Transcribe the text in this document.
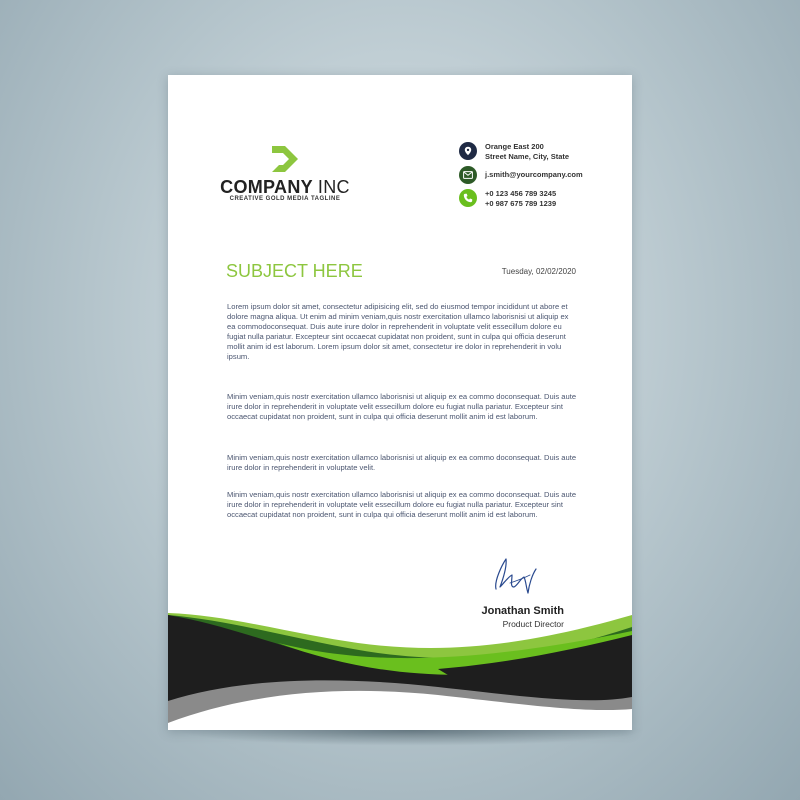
COMPANY INC
CREATIVE GOLD MEDIA TAGLINE
Orange East 200
Street Name, City, State
j.smith@yourcompany.com
+0 123 456 789 3245
+0 987 675 789 1239
SUBJECT HERE	Tuesday, 02/02/2020

Lorem ipsum dolor sit amet, consectetur adipisicing elit, sed do eiusmod tempor incididunt ut abore et dolore magna aliqua. Ut enim ad minim veniam,quis nostr exercitation ullamco laborisnisi ut aliquip ex ea commodoconsequat. Duis aute irure dolor in reprehenderit in voluptate velit essecillum dolore eu fugiat nulla pariatur. Excepteur sint occaecat cupidatat non proident, sunt in culpa qui officia deserunt mollit anim id est laborum. Lorem ipsum dolor sit amet, consectetur ire dolor in reprehenderit in volu ipsum.

Minim veniam,quis nostr exercitation ullamco laborisnisi ut aliquip ex ea commo doconsequat. Duis aute irure dolor in reprehenderit in voluptate velit essecillum dolore eu fugiat nulla pariatur. Excepteur sint occaecat cupidatat non proident, sunt in culpa qui officia deserunt mollit anim id est laborum.

Minim veniam,quis nostr exercitation ullamco laborisnisi ut aliquip ex ea commo doconsequat. Duis aute irure dolor in reprehenderit in voluptate velit.

Minim veniam,quis nostr exercitation ullamco laborisnisi ut aliquip ex ea commo doconsequat. Duis aute irure dolor in reprehenderit in voluptate velit essecillum dolore eu fugiat nulla pariatur. Excepteur sint occaecat cupidatat non proident, sunt in culpa qui officia deserunt mollit anim id est laborum.

Jonathan Smith
Product Director
